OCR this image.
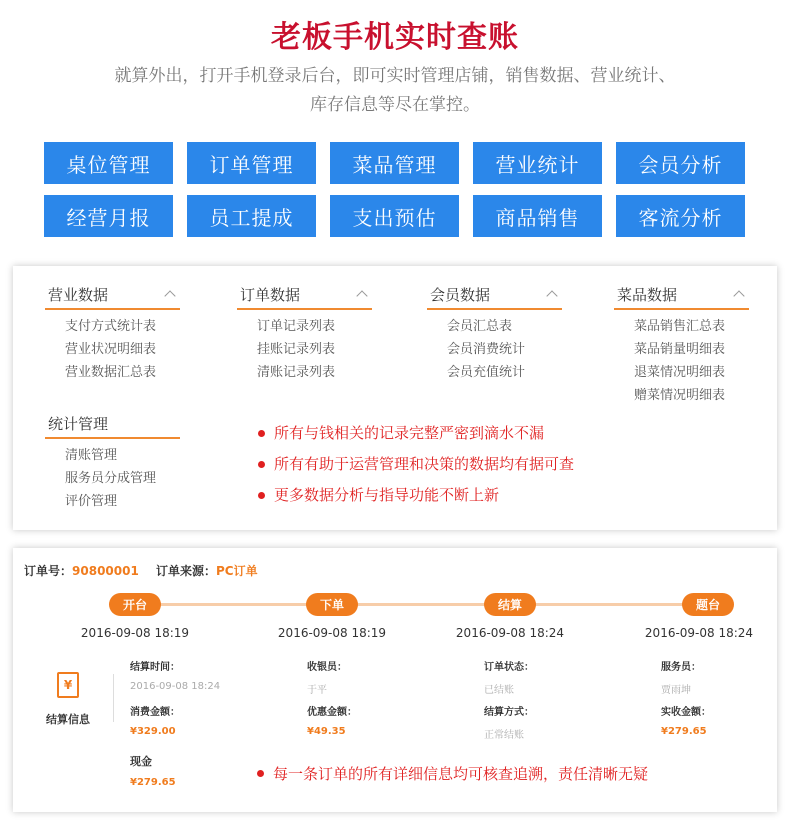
老板手机实时查账
就算外出，打开手机登录后台，即可实时管理店铺，销售数据、营业统计、
库存信息等尽在掌控。
桌位管理	订单管理	菜品管理	营业统计	会员分析
经营月报	员工提成	支出预估	商品销售	客流分析
营业数据
支付方式统计表
营业状况明细表
营业数据汇总表
订单数据
订单记录列表
挂账记录列表
清账记录列表
会员数据
会员汇总表
会员消费统计
会员充值统计
菜品数据
菜品销售汇总表
菜品销量明细表
退菜情况明细表
赠菜情况明细表
统计管理
清账管理
服务员分成管理
评价管理
所有与钱相关的记录完整严密到滴水不漏
所有有助于运营管理和决策的数据均有据可查
更多数据分析与指导功能不断上新
订单号：90800001 订单来源：PC订单
开台
2016-09-08 18:19
下单
2016-09-08 18:19
结算
2016-09-08 18:24
题台
2016-09-08 18:24
¥
结算信息
结算时间：
2016-09-08 18:24
收银员：
于平
订单状态：
已结账
服务员：
贾雨坤
消费金额：
¥329.00
优惠金额：
¥49.35
结算方式：
正常结账
实收金额：
¥279.65
现金
¥279.65	每一条订单的所有详细信息均可核查追溯，责任清晰无疑
